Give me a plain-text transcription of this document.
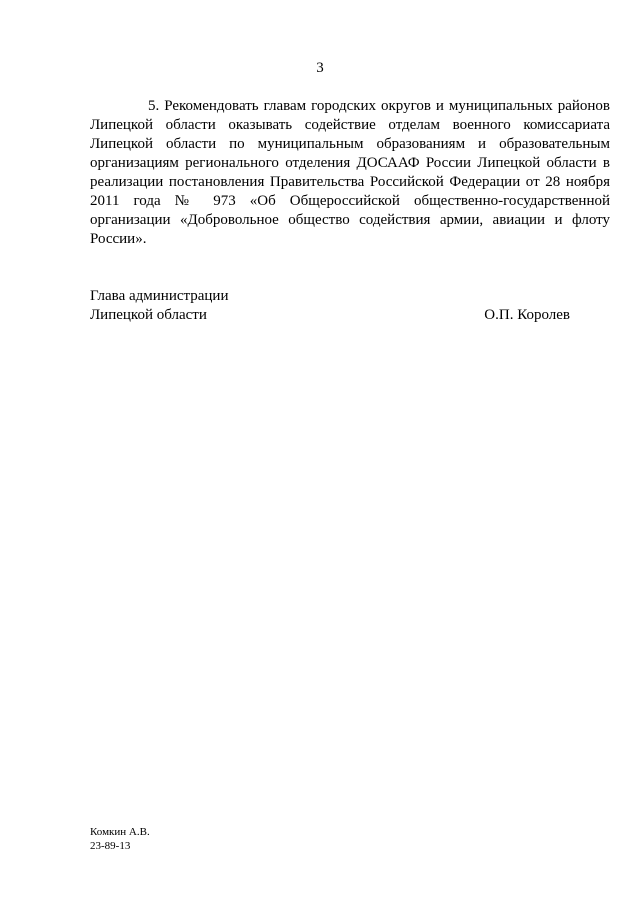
3
5. Рекомендовать главам городских округов и муниципальных районов
Липецкой области оказывать содействие отделам военного комиссариата
Липецкой области по муниципальным образованиям и образовательным
организациям регионального отделения ДОСААФ России Липецкой области в
реализации постановления Правительства Российской Федерации от 28 ноября
2011 года № 973 «Об Общероссийской общественно-государственной
организации «Добровольное общество содействия армии, авиации и флоту
России».
Глава администрации
Липецкой области	О.П. Королев
Комкин А.В.
23-89-13
